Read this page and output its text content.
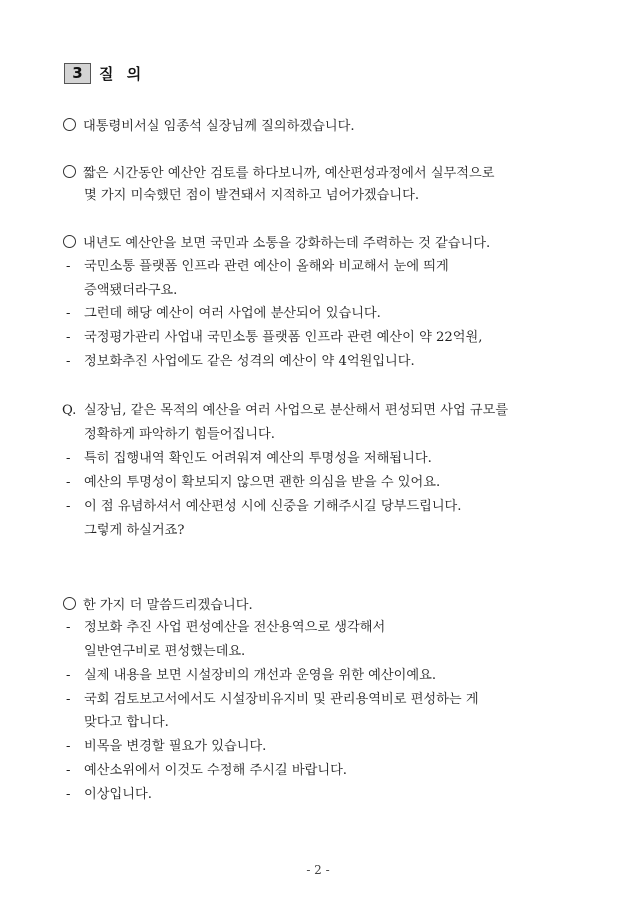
3	질 의
대통령비서실 임종석 실장님께 질의하겠습니다.
짧은 시간동안 예산안 검토를 하다보니까, 예산편성과정에서 실무적으로
몇 가지 미숙했던 점이 발견돼서 지적하고 넘어가겠습니다.
내년도 예산안을 보면 국민과 소통을 강화하는데 주력하는 것 같습니다.
- 국민소통 플랫폼 인프라 관련 예산이 올해와 비교해서 눈에 띄게
증액됐더라구요.
- 그런데 해당 예산이 여러 사업에 분산되어 있습니다.
- 국정평가관리 사업내 국민소통 플랫폼 인프라 관련 예산이 약 22억원,
- 정보화추진 사업에도 같은 성격의 예산이 약 4억원입니다.
Q. 실장님, 같은 목적의 예산을 여러 사업으로 분산해서 편성되면 사업 규모를
정확하게 파악하기 힘들어집니다.
- 특히 집행내역 확인도 어려워져 예산의 투명성을 저해됩니다.
- 예산의 투명성이 확보되지 않으면 괜한 의심을 받을 수 있어요.
- 이 점 유념하셔서 예산편성 시에 신중을 기해주시길 당부드립니다.
그렇게 하실거죠?
한 가지 더 말씀드리겠습니다.
- 정보화 추진 사업 편성예산을 전산용역으로 생각해서
일반연구비로 편성했는데요.
- 실제 내용을 보면 시설장비의 개선과 운영을 위한 예산이예요.
- 국회 검토보고서에서도 시설장비유지비 및 관리용역비로 편성하는 게
맞다고 합니다.
- 비목을 변경할 필요가 있습니다.
- 예산소위에서 이것도 수정해 주시길 바랍니다.
- 이상입니다.
- 2 -
